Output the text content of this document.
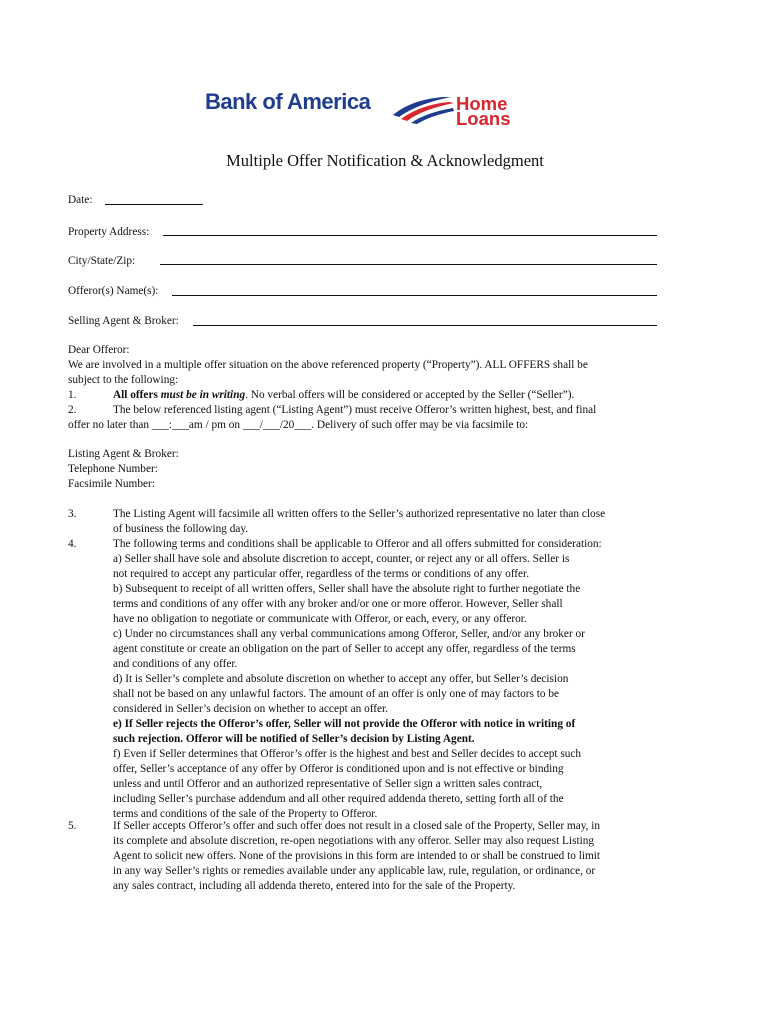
Bank of America	Home Loans
Multiple Offer Notification & Acknowledgment
Date:
Property Address:
City/State/Zip:
Offeror(s) Name(s):
Selling Agent & Broker:
Dear Offeror:
We are involved in a multiple offer situation on the above referenced property (“Property”). ALL OFFERS shall be
subject to the following:
1.	All offers must be in writing. No verbal offers will be considered or accepted by the Seller (“Seller”).
2.	The below referenced listing agent (“Listing Agent”) must receive Offeror’s written highest, best, and final
offer no later than ___:___am / pm on ___/___/20___. Delivery of such offer may be via facsimile to:
Listing Agent & Broker:
Telephone Number:
Facsimile Number:
3.	The Listing Agent will facsimile all written offers to the Seller’s authorized representative no later than close
of business the following day.
4.	The following terms and conditions shall be applicable to Offeror and all offers submitted for consideration:
a) Seller shall have sole and absolute discretion to accept, counter, or reject any or all offers. Seller is
not required to accept any particular offer, regardless of the terms or conditions of any offer.
b) Subsequent to receipt of all written offers, Seller shall have the absolute right to further negotiate the
terms and conditions of any offer with any broker and/or one or more offeror. However, Seller shall
have no obligation to negotiate or communicate with Offeror, or each, every, or any offeror.
c) Under no circumstances shall any verbal communications among Offeror, Seller, and/or any broker or
agent constitute or create an obligation on the part of Seller to accept any offer, regardless of the terms
and conditions of any offer.
d) It is Seller’s complete and absolute discretion on whether to accept any offer, but Seller’s decision
shall not be based on any unlawful factors. The amount of an offer is only one of may factors to be
considered in Seller’s decision on whether to accept an offer.
e) If Seller rejects the Offeror’s offer, Seller will not provide the Offeror with notice in writing of
such rejection. Offeror will be notified of Seller’s decision by Listing Agent.
f) Even if Seller determines that Offeror’s offer is the highest and best and Seller decides to accept such
offer, Seller’s acceptance of any offer by Offeror is conditioned upon and is not effective or binding
unless and until Offeror and an authorized representative of Seller sign a written sales contract,
including Seller’s purchase addendum and all other required addenda thereto, setting forth all of the
terms and conditions of the sale of the Property to Offeror.
5.	If Seller accepts Offeror’s offer and such offer does not result in a closed sale of the Property, Seller may, in
its complete and absolute discretion, re-open negotiations with any offeror. Seller may also request Listing
Agent to solicit new offers. None of the provisions in this form are intended to or shall be construed to limit
in any way Seller’s rights or remedies available under any applicable law, rule, regulation, or ordinance, or
any sales contract, including all addenda thereto, entered into for the sale of the Property.
